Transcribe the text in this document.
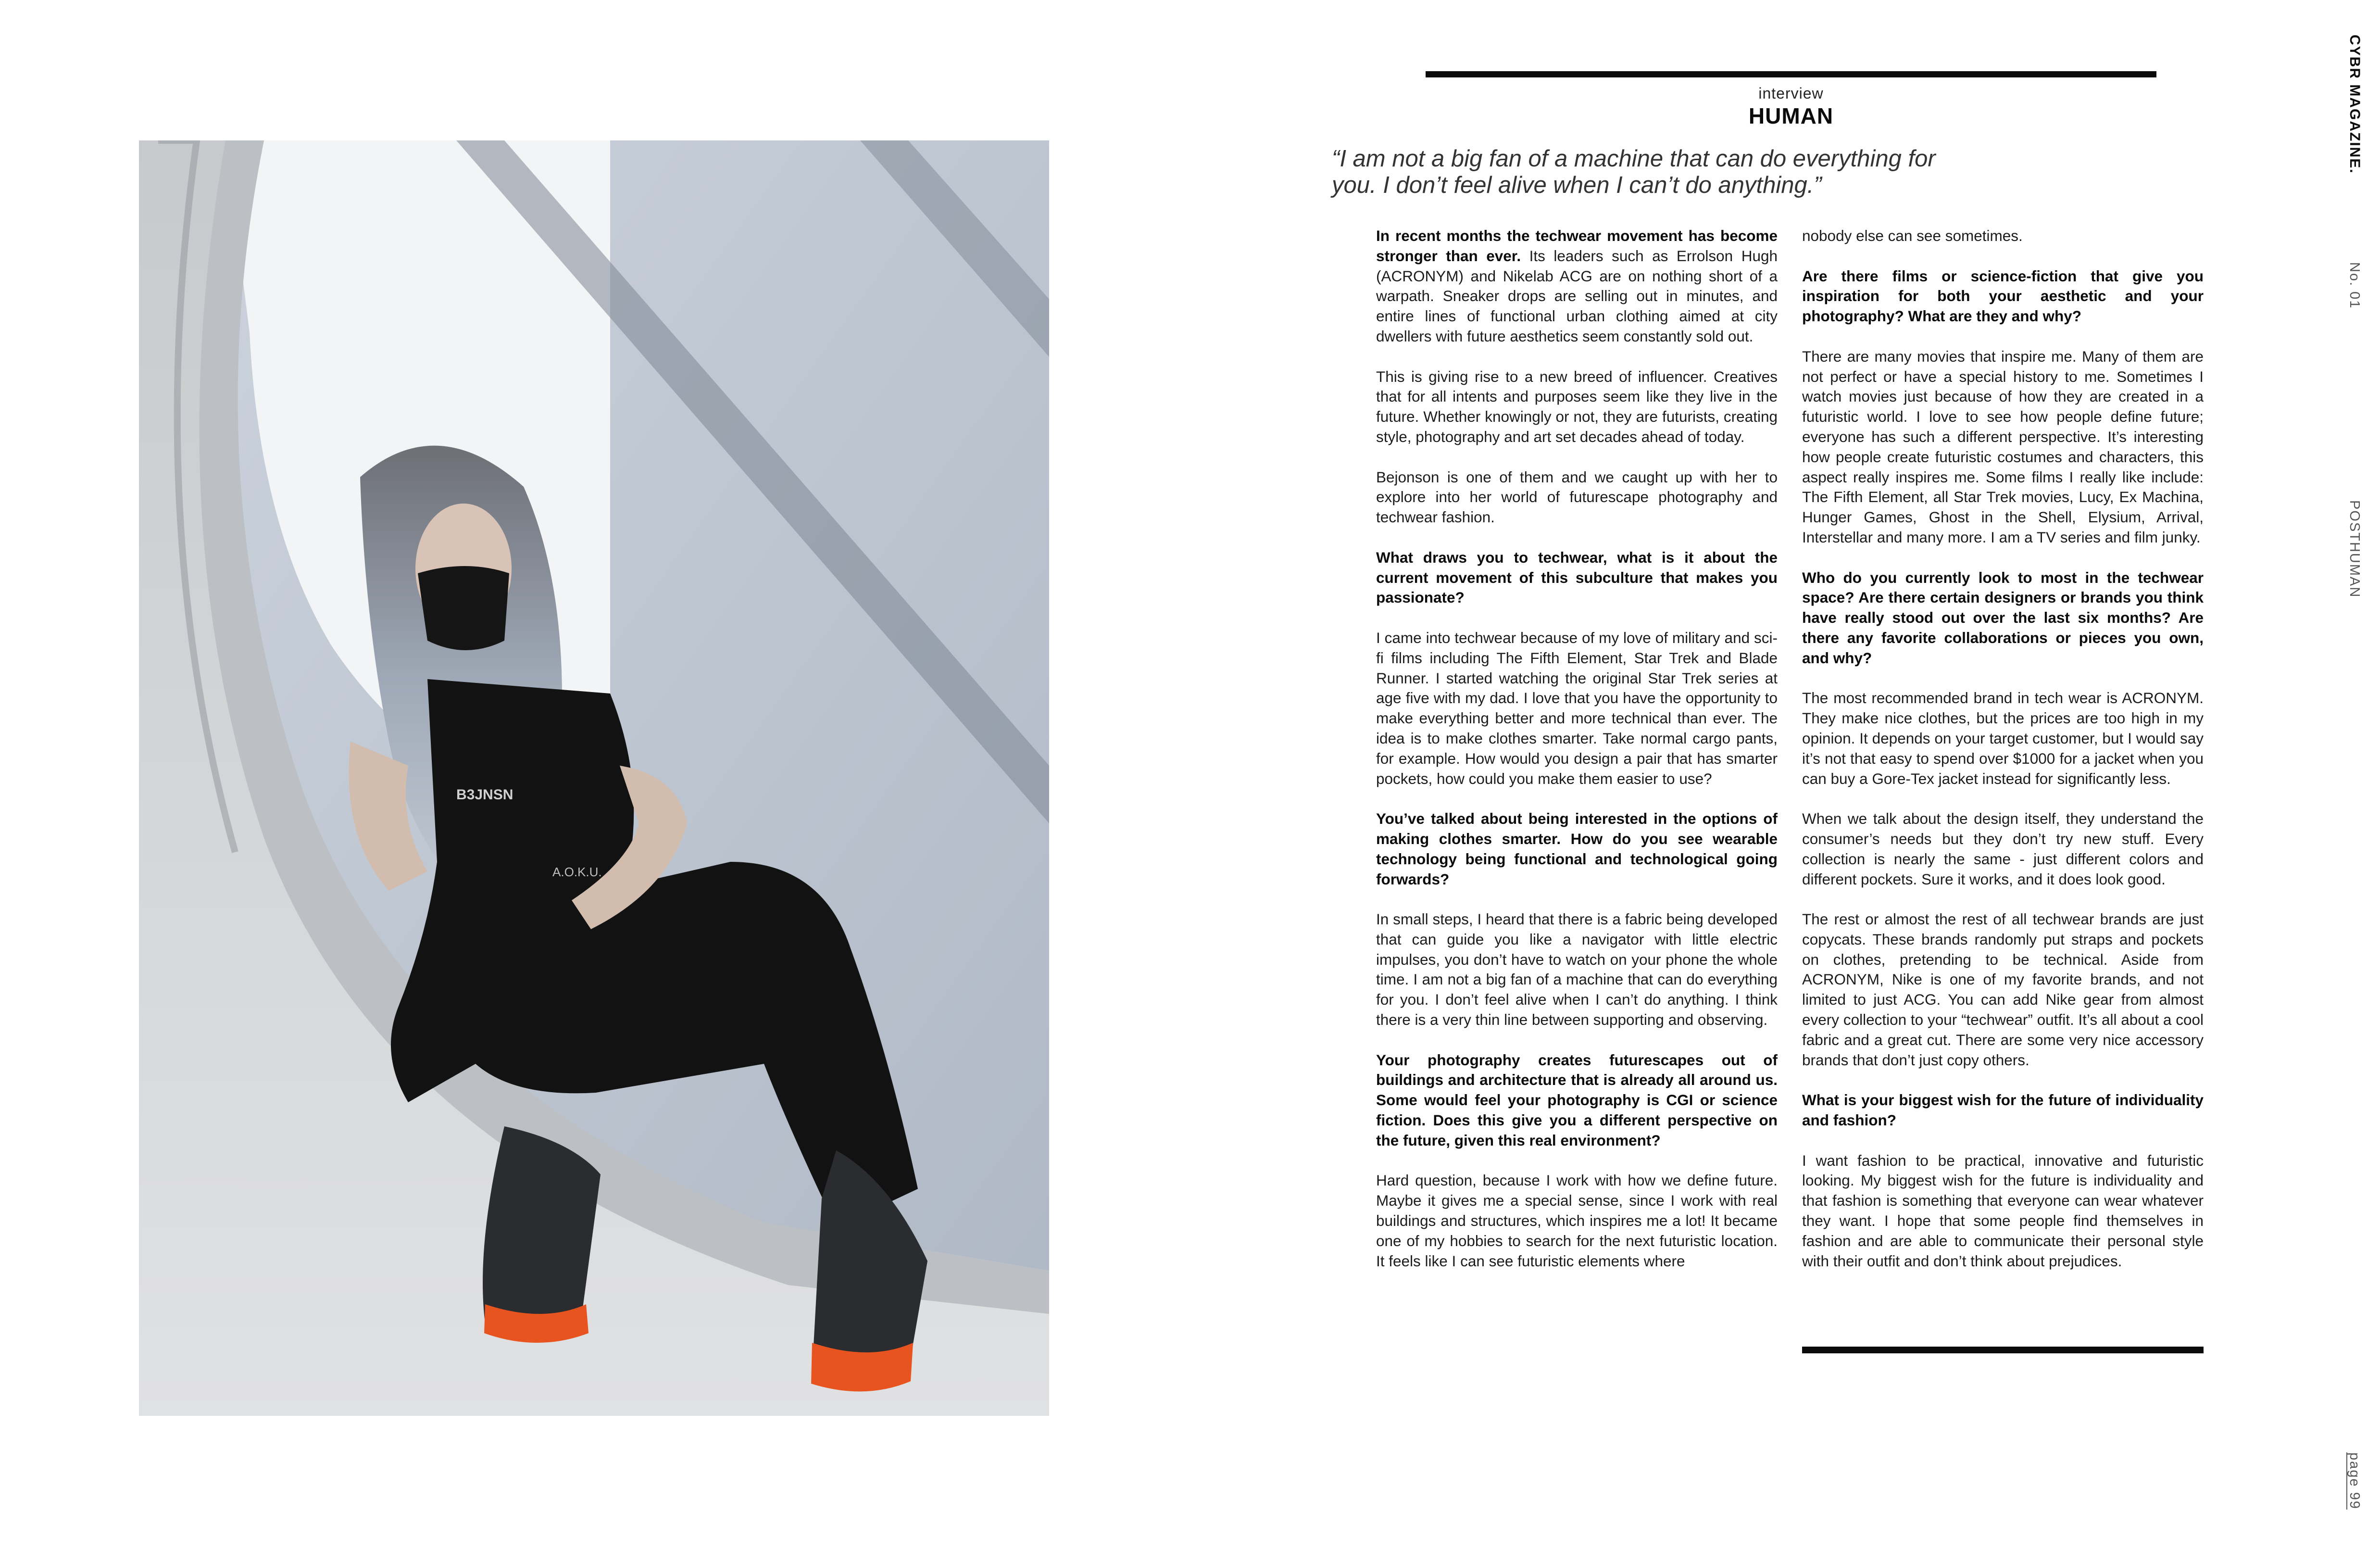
B3JNSN
A.O.K.U.
interview
HUMAN
“I am not a big fan of a machine that can do everything for you. I don’t feel alive when I can’t do anything.”

In recent months the techwear movement has become stronger than ever. Its leaders such as Errolson Hugh (ACRONYM) and Nikelab ACG are on nothing short of a warpath. Sneaker drops are selling out in minutes, and entire lines of functional urban clothing aimed at city dwellers with future aesthetics seem constantly sold out.

This is giving rise to a new breed of influencer. Creatives that for all intents and purposes seem like they live in the future. Whether knowingly or not, they are futurists, creating style, photography and art set decades ahead of today.

Bejonson is one of them and we caught up with her to explore into her world of futurescape photography and techwear fashion.

What draws you to techwear, what is it about the current movement of this subculture that makes you passionate?

I came into techwear because of my love of military and sci-fi films including The Fifth Element, Star Trek and Blade Runner. I started watching the original Star Trek series at age five with my dad. I love that you have the opportunity to make everything better and more technical than ever. The idea is to make clothes smarter. Take normal cargo pants, for example. How would you design a pair that has smarter pockets, how could you make them easier to use?

You’ve talked about being interested in the options of making clothes smarter. How do you see wearable technology being functional and technological going forwards?

In small steps, I heard that there is a fabric being developed that can guide you like a navigator with little electric impulses, you don’t have to watch on your phone the whole time. I am not a big fan of a machine that can do everything for you. I don’t feel alive when I can’t do anything. I think there is a very thin line between supporting and observing.

Your photography creates futurescapes out of buildings and architecture that is already all around us. Some would feel your photography is CGI or science fiction. Does this give you a different perspective on the future, given this real environment?

Hard question, because I work with how we define future. Maybe it gives me a special sense, since I work with real buildings and structures, which inspires me a lot! It became one of my hobbies to search for the next futuristic location. It feels like I can see futuristic elements where

nobody else can see sometimes.

Are there films or science-fiction that give you inspiration for both your aesthetic and your photography? What are they and why?

There are many movies that inspire me. Many of them are not perfect or have a special history to me. Sometimes I watch movies just because of how they are created in a futuristic world. I love to see how people define future; everyone has such a different perspective. It’s interesting how people create futuristic costumes and characters, this aspect really inspires me. Some films I really like include: The Fifth Element, all Star Trek movies, Lucy, Ex Machina, Hunger Games, Ghost in the Shell, Elysium, Arrival, Interstellar and many more. I am a TV series and film junky.

Who do you currently look to most in the techwear space? Are there certain designers or brands you think have really stood out over the last six months? Are there any favorite collaborations or pieces you own, and why?

The most recommended brand in tech wear is ACRONYM. They make nice clothes, but the prices are too high in my opinion. It depends on your target customer, but I would say it’s not that easy to spend over $1000 for a jacket when you can buy a Gore-Tex jacket instead for significantly less.

When we talk about the design itself, they understand the consumer’s needs but they don’t try new stuff. Every collection is nearly the same - just different colors and different pockets. Sure it works, and it does look good.

The rest or almost the rest of all techwear brands are just copycats. These brands randomly put straps and pockets on clothes, pretending to be technical. Aside from ACRONYM, Nike is one of my favorite brands, and not limited to just ACG. You can add Nike gear from almost every collection to your “techwear” outfit. It’s all about a cool fabric and a great cut. There are some very nice accessory brands that don’t just copy others.

What is your biggest wish for the future of individuality and fashion?

I want fashion to be practical, innovative and futuristic looking. My biggest wish for the future is individuality and that fashion is something that everyone can wear whatever they want. I hope that some people find themselves in fashion and are able to communicate their personal style with their outfit and don’t think about prejudices.

CYBR MAGAZINE.
No. 01
POSTHUMAN
page 99
